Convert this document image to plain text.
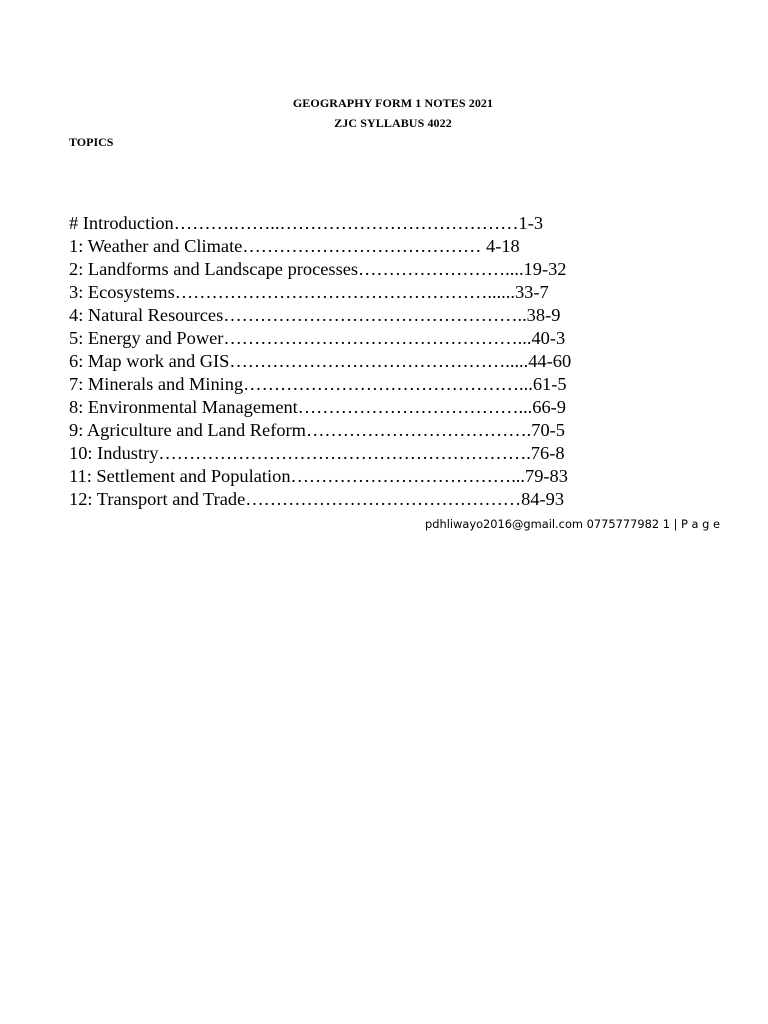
GEOGRAPHY FORM 1 NOTES 2021
ZJC SYLLABUS 4022
TOPICS
# Introduction……….……..…………………………………1-3
1: Weather and Climate………………………………… 4-18
2: Landforms and Landscape processes……………………....19-32
3: Ecosystems……………………………………………......33-7
4: Natural Resources…………………………………………..38-9
5: Energy and Power…………………………………………...40-3
6: Map work and GIS……………………………………….....44-60
7: Minerals and Mining………………………………………...61-5
8: Environmental Management………………………………...66-9
9: Agriculture and Land Reform……………………………….70-5
10: Industry…………………………………………………….76-8
11: Settlement and Population………………………………...79-83
12: Transport and Trade………………………………………84-93
pdhliwayo2016@gmail.com 0775777982 1 | P a g e
